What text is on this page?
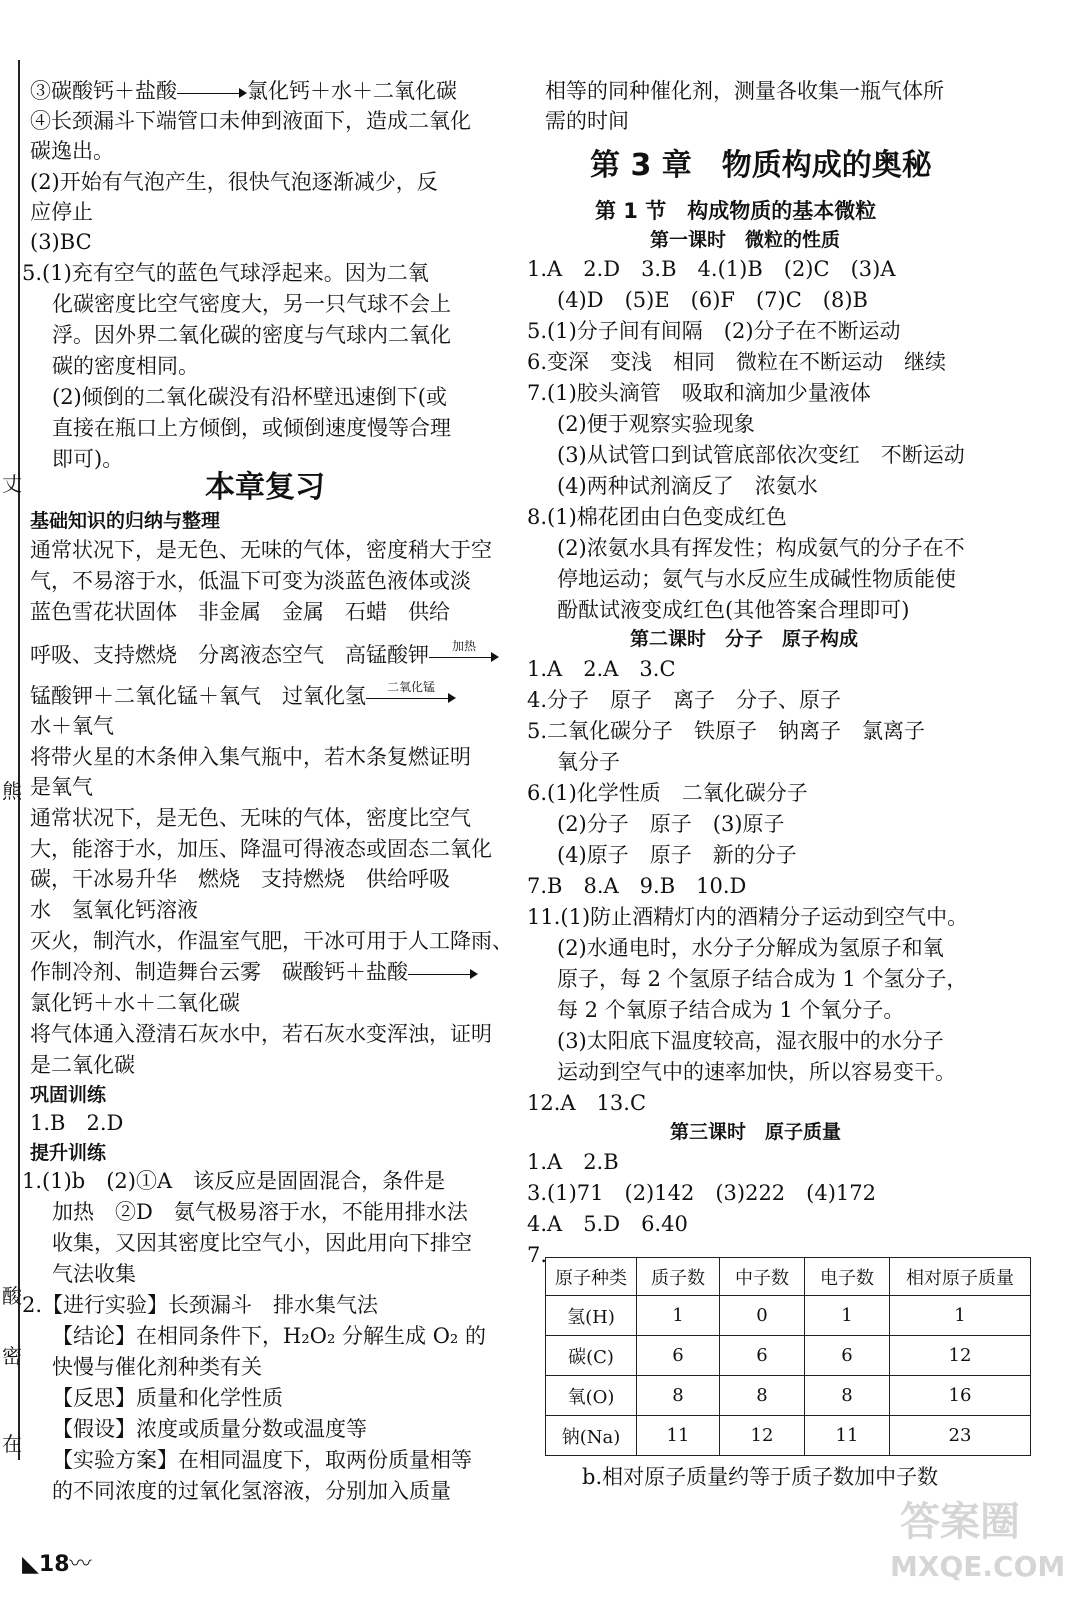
丈
熊
酸
密
在
③碳酸钙＋盐酸	氯化钙＋水＋二氧化碳
④长颈漏斗下端管口未伸到液面下，造成二氧化
碳逸出。
(2)开始有气泡产生，很快气泡逐渐减少，反
应停止
(3)BC
5.(1)充有空气的蓝色气球浮起来。因为二氧
化碳密度比空气密度大，另一只气球不会上
浮。因外界二氧化碳的密度与气球内二氧化
碳的密度相同。
(2)倾倒的二氧化碳没有沿杯壁迅速倒下(或
直接在瓶口上方倾倒，或倾倒速度慢等合理
即可)。
本章复习
基础知识的归纳与整理
通常状况下，是无色、无味的气体，密度稍大于空
气，不易溶于水，低温下可变为淡蓝色液体或淡
蓝色雪花状固体　非金属　金属　石蜡　供给
呼吸、支持燃烧　分离液态空气　高锰酸钾	加热
锰酸钾＋二氧化锰＋氧气　过氧化氢	二氧化锰
水＋氧气
将带火星的木条伸入集气瓶中，若木条复燃证明
是氧气
通常状况下，是无色、无味的气体，密度比空气
大，能溶于水，加压、降温可得液态或固态二氧化
碳，干冰易升华　燃烧　支持燃烧　供给呼吸
水　氢氧化钙溶液
灭火，制汽水，作温室气肥，干冰可用于人工降雨、
作制冷剂、制造舞台云雾　碳酸钙＋盐酸
氯化钙＋水＋二氧化碳
将气体通入澄清石灰水中，若石灰水变浑浊，证明
是二氧化碳
巩固训练
1.B　2.D
提升训练
1.(1)b　(2)①A　该反应是固固混合，条件是
加热　②D　氨气极易溶于水，不能用排水法
收集，又因其密度比空气小，因此用向下排空
气法收集
2.【进行实验】长颈漏斗　排水集气法
【结论】在相同条件下，H₂O₂ 分解生成 O₂ 的
快慢与催化剂种类有关
【反思】质量和化学性质
【假设】浓度或质量分数或温度等
【实验方案】在相同温度下，取两份质量相等
的不同浓度的过氧化氢溶液，分别加入质量
相等的同种催化剂，测量各收集一瓶气体所
需的时间
第 3 章　物质构成的奥秘
第 1 节　构成物质的基本微粒
第一课时　微粒的性质
1.A　2.D　3.B　4.(1)B　(2)C　(3)A
(4)D　(5)E　(6)F　(7)C　(8)B
5.(1)分子间有间隔　(2)分子在不断运动
6.变深　变浅　相同　微粒在不断运动　继续
7.(1)胶头滴管　吸取和滴加少量液体
(2)便于观察实验现象
(3)从试管口到试管底部依次变红　不断运动
(4)两种试剂滴反了　浓氨水
8.(1)棉花团由白色变成红色
(2)浓氨水具有挥发性；构成氨气的分子在不
停地运动；氨气与水反应生成碱性物质能使
酚酞试液变成红色(其他答案合理即可)
第二课时　分子　原子构成
1.A　2.A　3.C
4.分子　原子　离子　分子、原子
5.二氧化碳分子　铁原子　钠离子　氯离子
氧分子
6.(1)化学性质　二氧化碳分子
(2)分子　原子　(3)原子
(4)原子　原子　新的分子
7.B　8.A　9.B　10.D
11.(1)防止酒精灯内的酒精分子运动到空气中。
(2)水通电时，水分子分解成为氢原子和氧
原子，每 2 个氢原子结合成为 1 个氢分子，
每 2 个氧原子结合成为 1 个氧分子。
(3)太阳底下温度较高，湿衣服中的水分子
运动到空气中的速率加快，所以容易变干。
12.A　13.C
第三课时　原子质量
1.A　2.B
3.(1)71　(2)142　(3)222　(4)172
4.A　5.D　6.40
7.
原子种类	质子数	中子数	电子数	相对原子质量
氢(H)	1	0	1	1
碳(C)	6	6	6	12
氧(O)	8	8	8	16
钠(Na)	11	12	11	23
b.相对原子质量约等于质子数加中子数
◣18〰
答案圈
MXQE.COM
